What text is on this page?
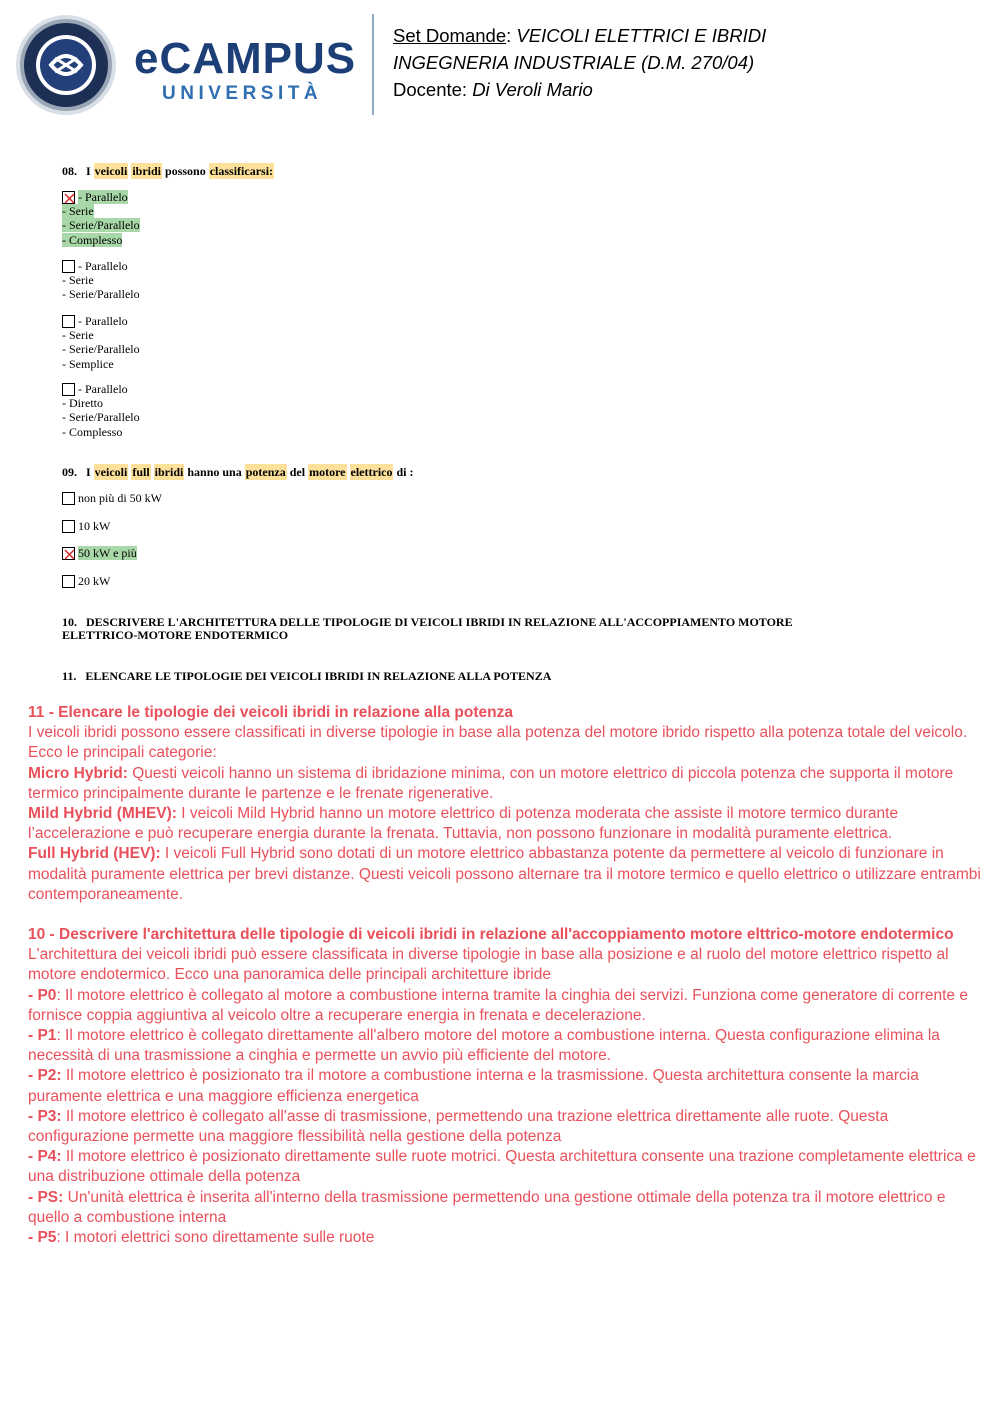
eCAMPUS
UNIVERSITÀ
Set Domande: VEICOLI ELETTRICI E IBRIDI
INGEGNERIA INDUSTRIALE (D.M. 270/04)
Docente: Di Veroli Mario
08. I veicoli ibridi possono classificarsi:
- Parallelo
- Serie
- Serie/Parallelo
- Complesso
- Parallelo
- Serie
- Serie/Parallelo
- Parallelo
- Serie
- Serie/Parallelo
- Semplice
- Parallelo
- Diretto
- Serie/Parallelo
- Complesso
09. I veicoli full ibridi hanno una potenza del motore elettrico di :
non più di 50 kW
10 kW
50 kW e più
20 kW
10. DESCRIVERE L'ARCHITETTURA DELLE TIPOLOGIE DI VEICOLI IBRIDI IN RELAZIONE ALL'ACCOPPIAMENTO MOTORE ELETTRICO-MOTORE ENDOTERMICO
11. ELENCARE LE TIPOLOGIE DEI VEICOLI IBRIDI IN RELAZIONE ALLA POTENZA

11 - Elencare le tipologie dei veicoli ibridi in relazione alla potenza

I veicoli ibridi possono essere classificati in diverse tipologie in base alla potenza del motore ibrido rispetto alla potenza totale del veicolo. Ecco le principali categorie:

Micro Hybrid: Questi veicoli hanno un sistema di ibridazione minima, con un motore elettrico di piccola potenza che supporta il motore termico principalmente durante le partenze e le frenate rigenerative.

Mild Hybrid (MHEV): I veicoli Mild Hybrid hanno un motore elettrico di potenza moderata che assiste il motore termico durante l’accelerazione e può recuperare energia durante la frenata. Tuttavia, non possono funzionare in modalità puramente elettrica.

Full Hybrid (HEV): I veicoli Full Hybrid sono dotati di un motore elettrico abbastanza potente da permettere al veicolo di funzionare in modalità puramente elettrica per brevi distanze. Questi veicoli possono alternare tra il motore termico e quello elettrico o utilizzare entrambi contemporaneamente.

10 - Descrivere l'architettura delle tipologie di veicoli ibridi in relazione all'accoppiamento motore elttrico-motore endotermico

L'architettura dei veicoli ibridi può essere classificata in diverse tipologie in base alla posizione e al ruolo del motore elettrico rispetto al motore endotermico. Ecco una panoramica delle principali architetture ibride

- P0: Il motore elettrico è collegato al motore a combustione interna tramite la cinghia dei servizi. Funziona come generatore di corrente e fornisce coppia aggiuntiva al veicolo oltre a recuperare energia in frenata e decelerazione.

- P1: Il motore elettrico è collegato direttamente all'albero motore del motore a combustione interna. Questa configurazione elimina la necessità di una trasmissione a cinghia e permette un avvio più efficiente del motore.

- P2: Il motore elettrico è posizionato tra il motore a combustione interna e la trasmissione. Questa architettura consente la marcia puramente elettrica e una maggiore efficienza energetica

- P3: Il motore elettrico è collegato all'asse di trasmissione, permettendo una trazione elettrica direttamente alle ruote. Questa configurazione permette una maggiore flessibilità nella gestione della potenza

- P4: Il motore elettrico è posizionato direttamente sulle ruote motrici. Questa architettura consente una trazione completamente elettrica e una distribuzione ottimale della potenza

- PS: Un'unità elettrica è inserita all'interno della trasmissione permettendo una gestione ottimale della potenza tra il motore elettrico e quello a combustione interna

- P5: I motori elettrici sono direttamente sulle ruote
